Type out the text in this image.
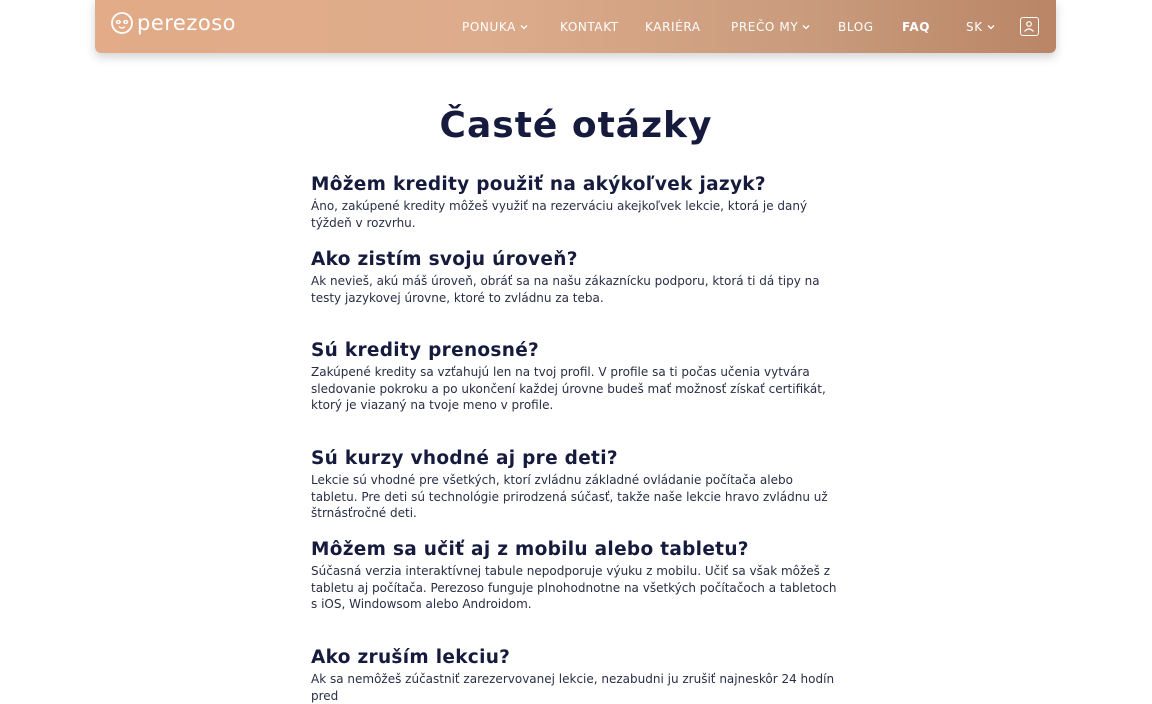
perezoso	PONUKA	KONTAKT KARIÉRA	PREČO MY	BLOG FAQ	SK
Časté otázky
Môžem kredity použiť na akýkoľvek jazyk?

Áno, zakúpené kredity môžeš využiť na rezerváciu akejkoľvek lekcie, ktorá je daný týždeň v rozvrhu.

Ako zistím svoju úroveň?

Ak nevieš, akú máš úroveň, obráť sa na našu zákaznícku podporu, ktorá ti dá tipy na testy jazykovej úrovne, ktoré to zvládnu za teba.

Sú kredity prenosné?

Zakúpené kredity sa vzťahujú len na tvoj profil. V profile sa ti počas učenia vytvára sledovanie pokroku a po ukončení každej úrovne budeš mať možnosť získať certifikát, ktorý je viazaný na tvoje meno v profile.

Sú kurzy vhodné aj pre deti?

Lekcie sú vhodné pre všetkých, ktorí zvládnu základné ovládanie počítača alebo tabletu. Pre deti sú technológie prirodzená súčasť, takže naše lekcie hravo zvládnu už štrnásťročné deti.

Môžem sa učiť aj z mobilu alebo tabletu?

Súčasná verzia interaktívnej tabule nepodporuje výuku z mobilu. Učiť sa však môžeš z tabletu aj počítača. Perezoso funguje plnohodnotne na všetkých počítačoch a tabletoch s iOS, Windowsom alebo Androidom.

Ako zruším lekciu?

Ak sa nemôžeš zúčastniť zarezervovanej lekcie, nezabudni ju zrušiť najneskôr 24 hodín pred
